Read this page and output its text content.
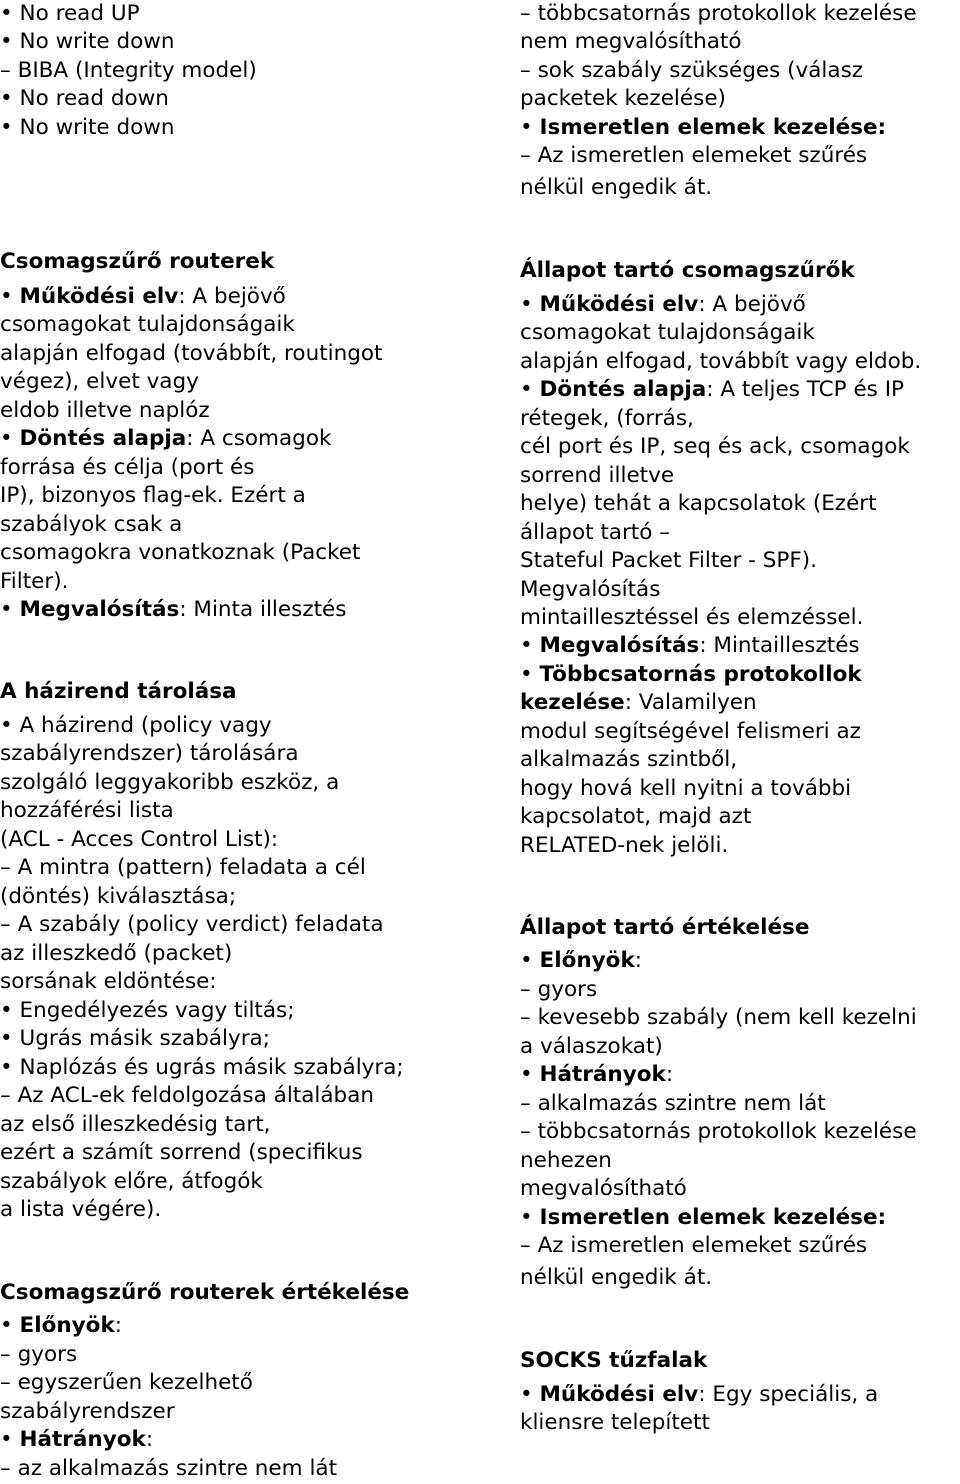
• No read UP
• No write down
– BIBA (Integrity model)
• No read down
• No write down
Csomagszűrő routerek
• Működési elv: A bejövő
csomagokat tulajdonságaik
alapján elfogad (továbbít, routingot
végez), elvet vagy
eldob illetve naplóz
• Döntés alapja: A csomagok
forrása és célja (port és
IP), bizonyos flag-ek. Ezért a
szabályok csak a
csomagokra vonatkoznak (Packet
Filter).
• Megvalósítás: Minta illesztés
A házirend tárolása
• A házirend (policy vagy
szabályrendszer) tárolására
szolgáló leggyakoribb eszköz, a
hozzáférési lista
(ACL - Acces Control List):
– A mintra (pattern) feladata a cél
(döntés) kiválasztása;
– A szabály (policy verdict) feladata
az illeszkedő (packet)
sorsának eldöntése:
• Engedélyezés vagy tiltás;
• Ugrás másik szabályra;
• Naplózás és ugrás másik szabályra;
– Az ACL-ek feldolgozása általában
az első illeszkedésig tart,
ezért a számít sorrend (specifikus
szabályok előre, átfogók
a lista végére).
Csomagszűrő routerek értékelése
• Előnyök:
– gyors
– egyszerűen kezelhető
szabályrendszer
• Hátrányok:
– az alkalmazás szintre nem lát
– többcsatornás protokollok kezelése
nem megvalósítható
– sok szabály szükséges (válasz
packetek kezelése)
• Ismeretlen elemek kezelése:
– Az ismeretlen elemeket szűrés
nélkül engedik át.
Állapot tartó csomagszűrők
• Működési elv: A bejövő
csomagokat tulajdonságaik
alapján elfogad, továbbít vagy eldob.
• Döntés alapja: A teljes TCP és IP
rétegek, (forrás,
cél port és IP, seq és ack, csomagok
sorrend illetve
helye) tehát a kapcsolatok (Ezért
állapot tartó –
Stateful Packet Filter - SPF).
Megvalósítás
mintaillesztéssel és elemzéssel.
• Megvalósítás: Mintaillesztés
• Többcsatornás protokollok
kezelése: Valamilyen
modul segítségével felismeri az
alkalmazás szintből,
hogy hová kell nyitni a további
kapcsolatot, majd azt
RELATED-nek jelöli.
Állapot tartó értékelése
• Előnyök:
– gyors
– kevesebb szabály (nem kell kezelni
a válaszokat)
• Hátrányok:
– alkalmazás szintre nem lát
– többcsatornás protokollok kezelése
nehezen
megvalósítható
• Ismeretlen elemek kezelése:
– Az ismeretlen elemeket szűrés
nélkül engedik át.
SOCKS tűzfalak
• Működési elv: Egy speciális, a
kliensre telepített
